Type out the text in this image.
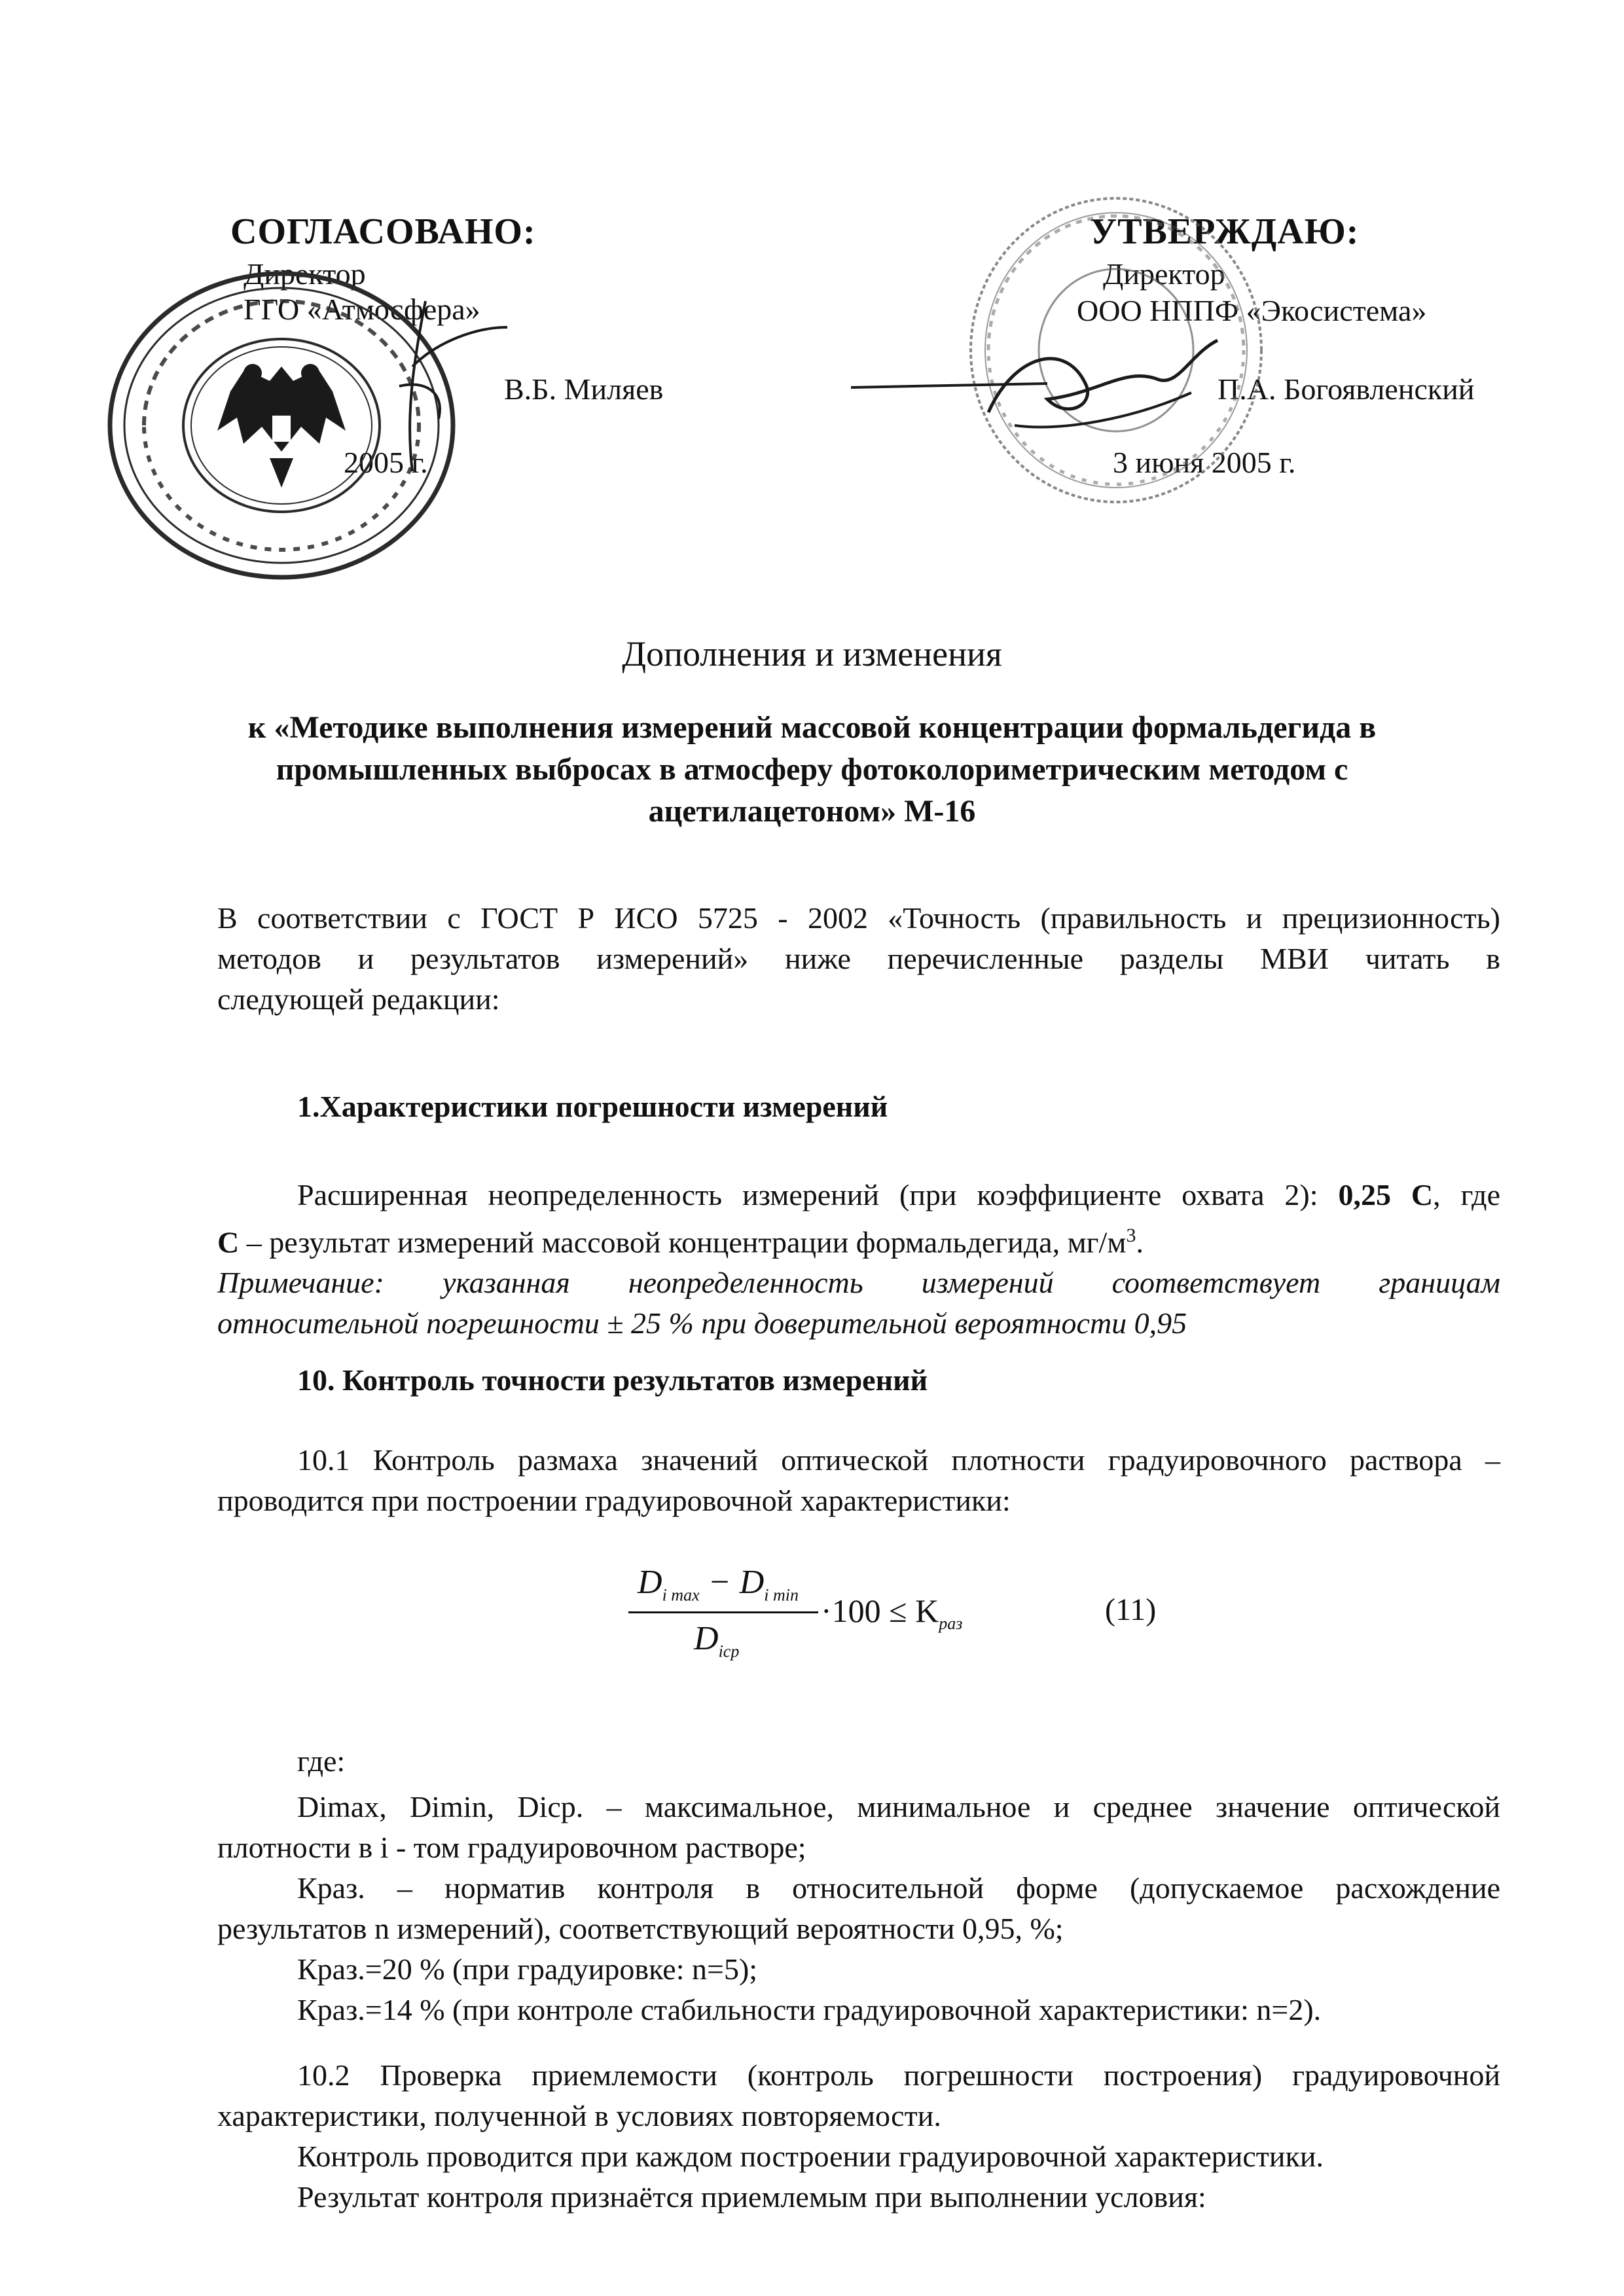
СОГЛАСОВАНО:
Директор
ГГО «Атмосфера»
В.Б. Миляев
2005 г.
УТВЕРЖДАЮ:
Директор
ООО НППФ «Экосистема»
П.А. Богоявленский
3 июня 2005 г.
Дополнения и изменения
к «Методике выполнения измерений массовой концентрации формальдегида в
промышленных выбросах в атмосферу фотоколориметрическим методом с
ацетилацетоном» М-16
В соответствии с ГОСТ Р ИСО 5725 - 2002 «Точность (правильность и прецизионность)
методов и результатов измерений» ниже перечисленные разделы МВИ читать в
следующей редакции:
1.Характеристики погрешности измерений
Расширенная неопределенность измерений (при коэффициенте охвата 2): 0,25 С, где
С – результат измерений массовой концентрации формальдегида, $мг/м^3$.
Примечание: указанная неопределенность измерений соответствует границам
относительной погрешности ± 25 % при доверительной вероятности 0,95
10. Контроль точности результатов измерений
10.1 Контроль размаха значений оптической плотности градуировочного раствора –
проводится при построении градуировочной характеристики:
$D_{i max} - D_{i min}$
$D_{icp}$
$\cdot 100 \le K_{раз}$	(11)
где:
Dimax, Dimin, Dicp. – максимальное, минимальное и среднее значение оптической
плотности в i - том градуировочном растворе;
Краз. – норматив контроля в относительной форме (допускаемое расхождение
результатов n измерений), соответствующий вероятности 0,95, %;
Краз.=20 % (при градуировке: n=5);
Краз.=14 % (при контроле стабильности градуировочной характеристики: n=2).
10.2 Проверка приемлемости (контроль погрешности построения) градуировочной
характеристики, полученной в условиях повторяемости.
Контроль проводится при каждом построении градуировочной характеристики.
Результат контроля признаётся приемлемым при выполнении условия:
